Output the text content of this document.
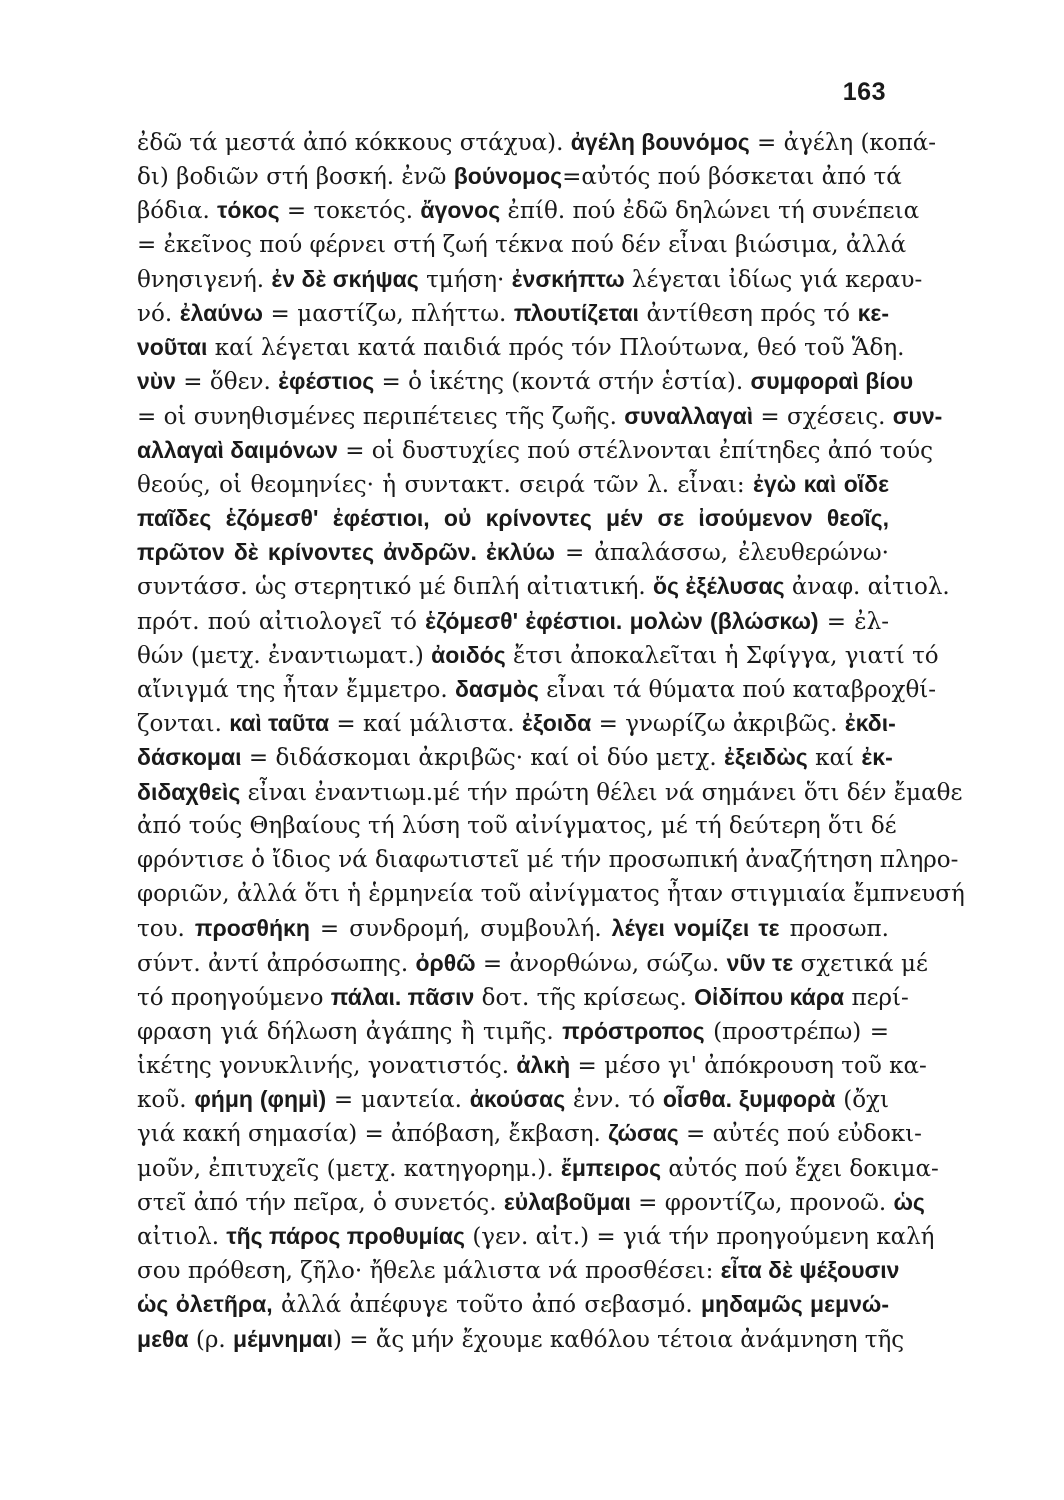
163
ἐδῶ τά μεστά ἀπό κόκκους στάχυα). ἀγέλη βουνόμος = ἀγέλη (κοπά-
δι) βοδιῶν στή βοσκή. ἐνῶ βούνομος=αὐτός πού βόσκεται ἀπό τά
βόδια. τόκος = τοκετός. ἄγονος ἐπίθ. πού ἐδῶ δηλώνει τή συνέπεια
= ἐκεῖνος πού φέρνει στή ζωή τέκνα πού δέν εἶναι βιώσιμα, ἀλλά
θνησιγενή. ἐν δὲ σκήψας τμήση· ἐνσκήπτω λέγεται ἰδίως γιά κεραυ-
νό. ἐλαύνω = μαστίζω, πλήττω. πλουτίζεται ἀντίθεση πρός τό κε-
νοῦται καί λέγεται κατά παιδιά πρός τόν Πλούτωνα, θεό τοῦ Ἅδη.
νὺν = ὅθεν. ἐφέστιος = ὁ ἱκέτης (κοντά στήν ἑστία). συμφοραὶ βίου
= οἱ συνηθισμένες περιπέτειες τῆς ζωῆς. συναλλαγαὶ = σχέσεις. συν-
αλλαγαὶ δαιμόνων = οἱ δυστυχίες πού στέλνονται ἐπίτηδες ἀπό τούς
θεούς, οἱ θεομηνίες· ἡ συντακτ. σειρά τῶν λ. εἶναι: ἐγὼ καὶ οἵδε
παῖδες ἑζόμεσθ' ἐφέστιοι, οὐ κρίνοντες μέν σε ἰσούμενον θεοῖς,
πρῶτον δὲ κρίνοντες ἀνδρῶν. ἐκλύω = ἀπαλάσσω, ἐλευθερώνω·
συντάσσ. ὡς στερητικό μέ διπλή αἰτιατική. ὅς ἐξέλυσας ἀναφ. αἰτιολ.
πρότ. πού αἰτιολογεῖ τό ἑζόμεσθ' ἐφέστιοι. μολὼν (βλώσκω) = ἐλ-
θών (μετχ. ἐναντιωματ.) ἀοιδός ἔτσι ἀποκαλεῖται ἡ Σφίγγα, γιατί τό
αἴνιγμά της ἦταν ἔμμετρο. δασμὸς εἶναι τά θύματα πού καταβροχθί-
ζονται. καὶ ταῦτα = καί μάλιστα. ἐξοιδα = γνωρίζω ἀκριβῶς. ἐκδι-
δάσκομαι = διδάσκομαι ἀκριβῶς· καί οἱ δύο μετχ. ἐξειδὼς καί ἐκ-
διδαχθεὶς εἶναι ἐναντιωμ.μέ τήν πρώτη θέλει νά σημάνει ὅτι δέν ἔμαθε
ἀπό τούς Θηβαίους τή λύση τοῦ αἰνίγματος, μέ τή δεύτερη ὅτι δέ
φρόντισε ὁ ἴδιος νά διαφωτιστεῖ μέ τήν προσωπική ἀναζήτηση πληρο-
φοριῶν, ἀλλά ὅτι ἡ ἑρμηνεία τοῦ αἰνίγματος ἦταν στιγμιαία ἔμπνευσή
του. προσθήκη = συνδρομή, συμβουλή. λέγει νομίζει τε προσωπ.
σύντ. ἀντί ἀπρόσωπης. ὀρθῶ = ἀνορθώνω, σώζω. νῦν τε σχετικά μέ
τό προηγούμενο πάλαι. πᾶσιν δοτ. τῆς κρίσεως. Οἰδίπου κάρα περί-
φραση γιά δήλωση ἀγάπης ἢ τιμῆς. πρόστροπος (προστρέπω) =
ἱκέτης γονυκλινής, γονατιστός. ἀλκὴ = μέσο γι' ἀπόκρουση τοῦ κα-
κοῦ. φήμη (φημὶ) = μαντεία. ἀκούσας ἐνν. τό οἶσθα. ξυμφορὰ (ὄχι
γιά κακή σημασία) = ἀπόβαση, ἔκβαση. ζώσας = αὐτές πού εὐδοκι-
μοῦν, ἐπιτυχεῖς (μετχ. κατηγορημ.). ἔμπειρος αὐτός πού ἔχει δοκιμα-
στεῖ ἀπό τήν πεῖρα, ὁ συνετός. εὐλαβοῦμαι = φροντίζω, προνοῶ. ὡς
αἰτιολ. τῆς πάρος προθυμίας (γεν. αἰτ.) = γιά τήν προηγούμενη καλή
σου πρόθεση, ζῆλο· ἤθελε μάλιστα νά προσθέσει: εἶτα δὲ ψέξουσιν
ὡς ὀλετῆρα, ἀλλά ἀπέφυγε τοῦτο ἀπό σεβασμό. μηδαμῶς μεμνώ-
μεθα (ρ. μέμνημαι) = ἄς μήν ἔχουμε καθόλου τέτοια ἀνάμνηση τῆς
